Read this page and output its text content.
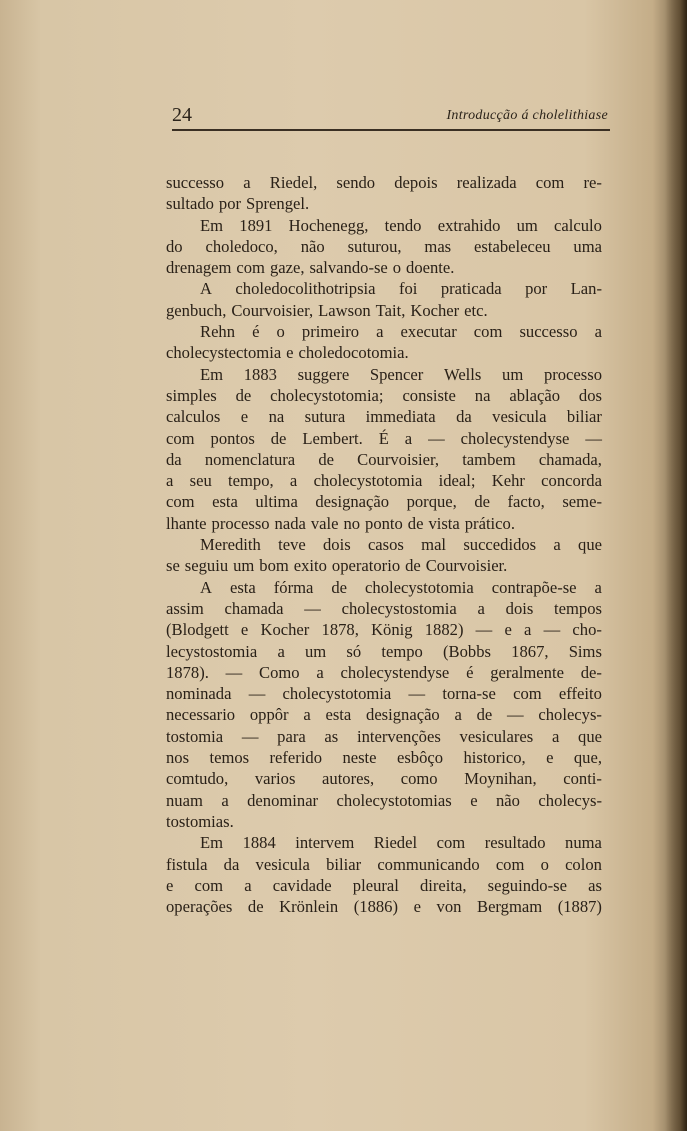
24	Introducção á cholelithiase
successo a Riedel, sendo depois realizada com re-
sultado por Sprengel.
Em 1891 Hochenegg, tendo extrahido um calculo
do choledoco, não suturou, mas estabeleceu uma
drenagem com gaze, salvando-se o doente.
A choledocolithotripsia foi praticada por Lan-
genbuch, Courvoisier, Lawson Tait, Kocher etc.
Rehn é o primeiro a executar com successo a
cholecystectomia e choledocotomia.
Em 1883 suggere Spencer Wells um processo
simples de cholecystotomia; consiste na ablação dos
calculos e na sutura immediata da vesicula biliar
com pontos de Lembert. É a — cholecystendyse —
da nomenclatura de Courvoisier, tambem chamada,
a seu tempo, a cholecystotomia ideal; Kehr concorda
com esta ultima designação porque, de facto, seme-
lhante processo nada vale no ponto de vista prático.
Meredith teve dois casos mal succedidos a que
se seguiu um bom exito operatorio de Courvoisier.
A esta fórma de cholecystotomia contrapõe-se a
assim chamada — cholecystostomia a dois tempos
(Blodgett e Kocher 1878, König 1882) — e a — cho-
lecystostomia a um só tempo (Bobbs 1867, Sims
1878). — Como a cholecystendyse é geralmente de-
nominada — cholecystotomia — torna-se com effeito
necessario oppôr a esta designação a de — cholecys-
tostomia — para as intervenções vesiculares a que
nos temos referido neste esbôço historico, e que,
comtudo, varios autores, como Moynihan, conti-
nuam a denominar cholecystotomias e não cholecys-
tostomias.
Em 1884 intervem Riedel com resultado numa
fistula da vesicula biliar communicando com o colon
e com a cavidade pleural direita, seguindo-se as
operações de Krönlein (1886) e von Bergmam (1887)
